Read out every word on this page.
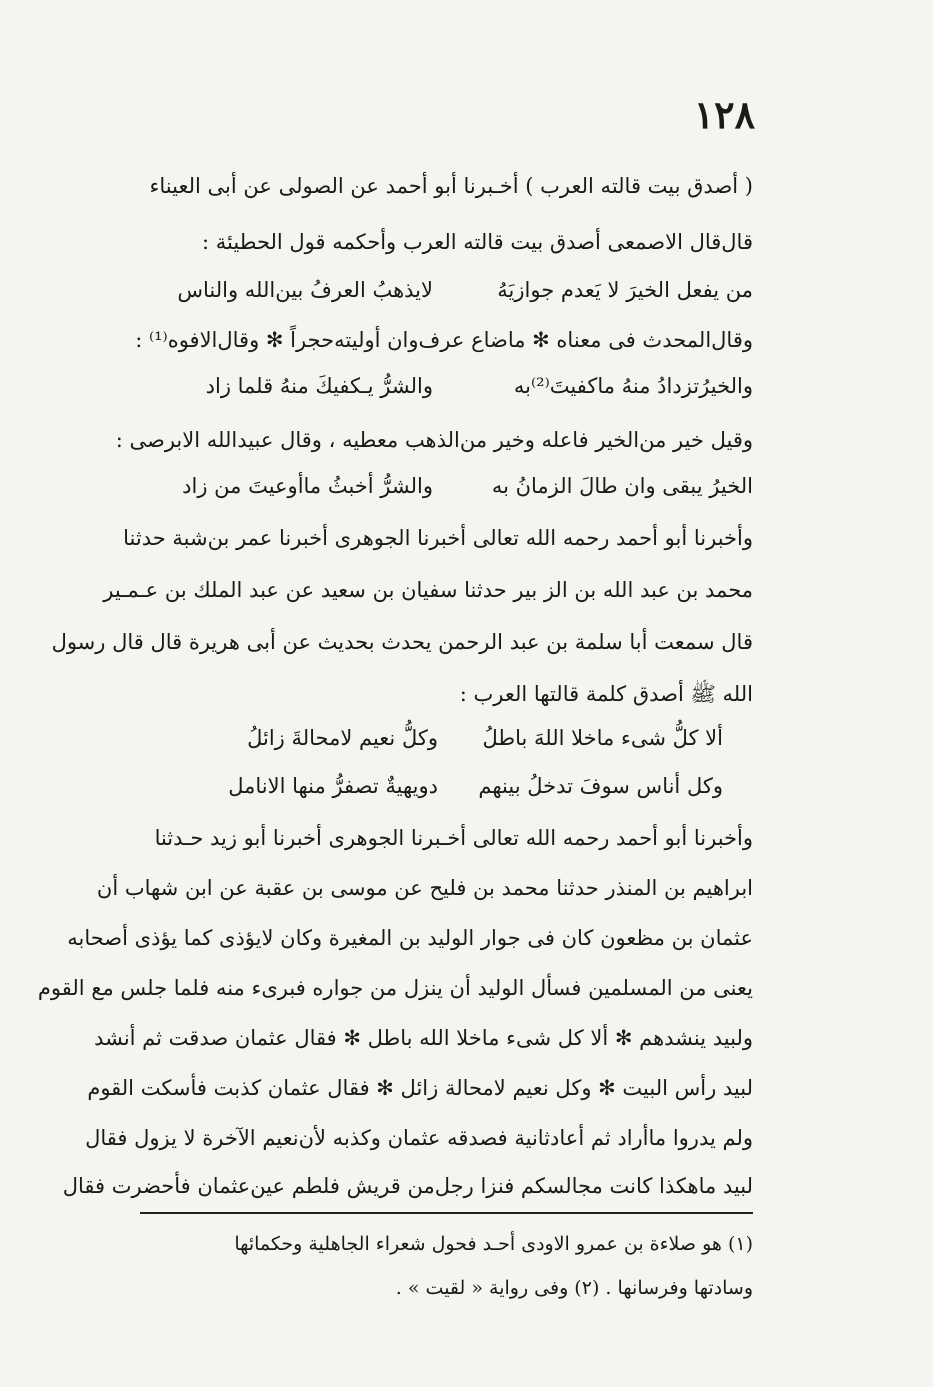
١٢٨
( أصدق بيت قالته العرب ) أخـبرنا أبو أحمد عن الصولى عن أبى العيناء
قال‌قال الاصمعى أصدق بيت قالته العرب وأحكمه قول الحطيئة :
من يفعل الخيرَ لا يَعدم جوازيَهُ
لايذهبُ العرفُ بين‌الله والناس
وقال‌المحدث فى معناه ✻ ماضاع عرف‌وان أوليته‌حجراً ✻ وقال‌الافوه⁽¹⁾ :
والخيرُتزدادُ منهُ ماكفيتَ⁽²⁾به
والشرُّ يـكفيكَ منهُ قلما زاد
وقيل خير من‌الخير فاعله وخير من‌الذهب معطيه ، وقال عبيدالله الابرصى :
الخيرُ يبقى وان طالَ الزمانُ به
والشرُّ أخبثُ ماأوعيتَ من زاد
وأخبرنا أبو أحمد رحمه الله تعالى أخبرنا الجوهرى أخبرنا عمر بن‌شبة حدثنا
محمد بن عبد الله بن الز بير حدثنا سفيان بن سعيد عن عبد الملك بن عـمـير
قال سمعت أبا سلمة بن عبد الرحمن يحدث بحديث عن أبى هريرة قال قال رسول
الله ﷺ أصدق كلمة قالتها العرب :
ألا كلُّ شىء ماخلا اللهَ باطلُ
وكلُّ نعيم لامحالةَ زائلُ
وكل أناس سوفَ تدخلُ بينهم
دويهيةٌ تصفرُّ منها الانامل
وأخبرنا أبو أحمد رحمه الله تعالى أخـبرنا الجوهرى أخبرنا أبو زيد حـدثنا
ابراهيم بن المنذر حدثنا محمد بن فليح عن موسى بن عقبة عن ابن شهاب أن
عثمان بن مظعون كان فى جوار الوليد بن المغيرة وكان لايؤذى كما يؤذى أصحابه
يعنى من المسلمين فسأل الوليد أن ينزل من جواره فبرىء منه فلما جلس مع القوم
ولبيد ينشدهم ✻ ألا كل شىء ماخلا الله باطل ✻ فقال عثمان صدقت ثم أنشد
لبيد رأس البيت ✻ وكل نعيم لامحالة زائل ✻ فقال عثمان كذبت فأسكت القوم
ولم يدروا ماأراد ثم أعادثانية فصدقه عثمان وكذبه لأن‌نعيم الآخرة لا يزول فقال
لبيد ماهكذا كانت مجالسكم فنزا رجل‌من قريش فلطم عين‌عثمان فأحضرت فقال
(١) هو صلاءة بن عمرو الاودى أحـد فحول شعراء الجاهلية وحكمائها
وسادتها وفرسانها . (٢) وفى رواية « لقيت » .
